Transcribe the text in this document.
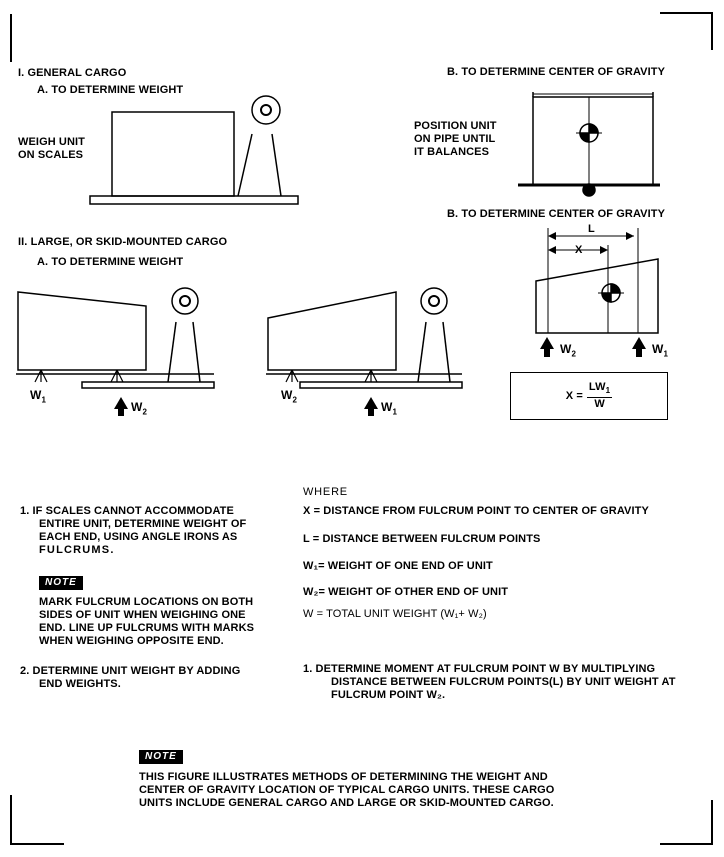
I. GENERAL CARGO
A. TO DETERMINE WEIGHT
WEIGH UNIT
ON SCALES
B. TO DETERMINE CENTER OF GRAVITY
POSITION UNIT
ON PIPE UNTIL
IT BALANCES
II. LARGE, OR SKID-MOUNTED CARGO
A. TO DETERMINE WEIGHT
B. TO DETERMINE CENTER OF GRAVITY
L
X
$W_1$
$W_2$
$W_2$
$W_1$
$W_2$	$W_1$
$X = \frac{LW_1}{W}$
1. IF SCALES CANNOT ACCOMMODATE
ENTIRE UNIT, DETERMINE WEIGHT OF
EACH END, USING ANGLE IRONS AS
FULCRUMS.
NOTE
MARK FULCRUM LOCATIONS ON BOTH
SIDES OF UNIT WHEN WEIGHING ONE
END. LINE UP FULCRUMS WITH MARKS
WHEN WEIGHING OPPOSITE END.
2. DETERMINE UNIT WEIGHT BY ADDING
END WEIGHTS.
WHERE
X = DISTANCE FROM FULCRUM POINT TO CENTER OF GRAVITY
L = DISTANCE BETWEEN FULCRUM POINTS
W₁= WEIGHT OF ONE END OF UNIT
W₂= WEIGHT OF OTHER END OF UNIT
W = TOTAL UNIT WEIGHT (W₁+ W₂)
1. DETERMINE MOMENT AT FULCRUM POINT W BY MULTIPLYING
DISTANCE BETWEEN FULCRUM POINTS(L) BY UNIT WEIGHT AT
FULCRUM POINT W₂.
NOTE
THIS FIGURE ILLUSTRATES METHODS OF DETERMINING THE WEIGHT AND
CENTER OF GRAVITY LOCATION OF TYPICAL CARGO UNITS. THESE CARGO
UNITS INCLUDE GENERAL CARGO AND LARGE OR SKID-MOUNTED CARGO.
